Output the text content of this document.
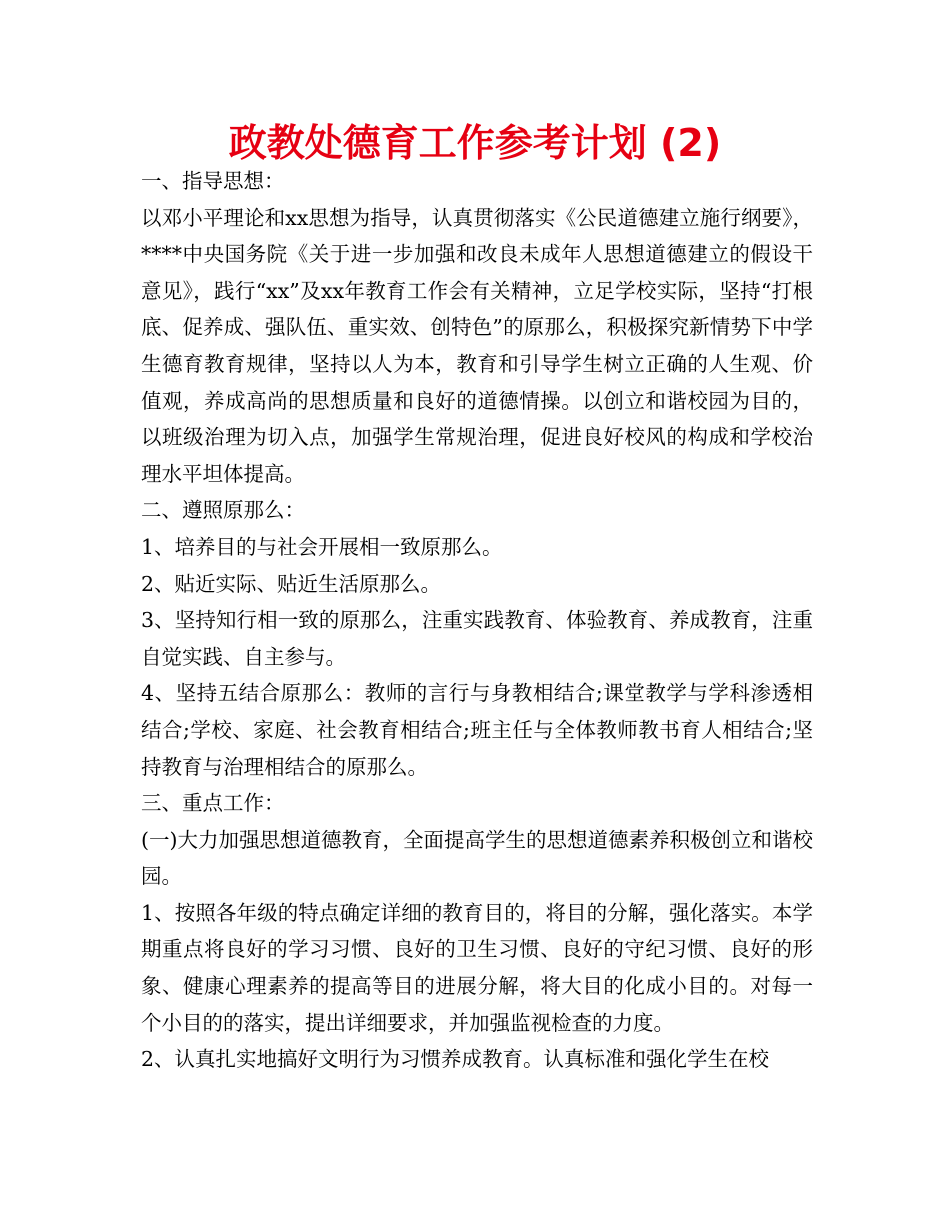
政教处德育工作参考计划 (2)

一、指导思想：

以邓小平理论和xx思想为指导，认真贯彻落实《公民道德建立施行纲要》，****中央国务院《关于进一步加强和改良未成年人思想道德建立的假设干意见》，践行“xx”及xx年教育工作会有关精神，立足学校实际，坚持“打根底、促养成、强队伍、重实效、创特色”的原那么，积极探究新情势下中学生德育教育规律，坚持以人为本，教育和引导学生树立正确的人生观、价值观，养成高尚的思想质量和良好的道德情操。以创立和谐校园为目的，以班级治理为切入点，加强学生常规治理，促进良好校风的构成和学校治理水平坦体提高。

二、遵照原那么：

1、培养目的与社会开展相一致原那么。

2、贴近实际、贴近生活原那么。

3、坚持知行相一致的原那么，注重实践教育、体验教育、养成教育，注重自觉实践、自主参与。

4、坚持五结合原那么：教师的言行与身教相结合;课堂教学与学科渗透相结合;学校、家庭、社会教育相结合;班主任与全体教师教书育人相结合;坚持教育与治理相结合的原那么。

三、重点工作：

(一)大力加强思想道德教育，全面提高学生的思想道德素养积极创立和谐校园。

1、按照各年级的特点确定详细的教育目的，将目的分解，强化落实。本学期重点将良好的学习习惯、良好的卫生习惯、良好的守纪习惯、良好的形象、健康心理素养的提高等目的进展分解，将大目的化成小目的。对每一个小目的的落实，提出详细要求，并加强监视检查的力度。

2、认真扎实地搞好文明行为习惯养成教育。认真标准和强化学生在校
